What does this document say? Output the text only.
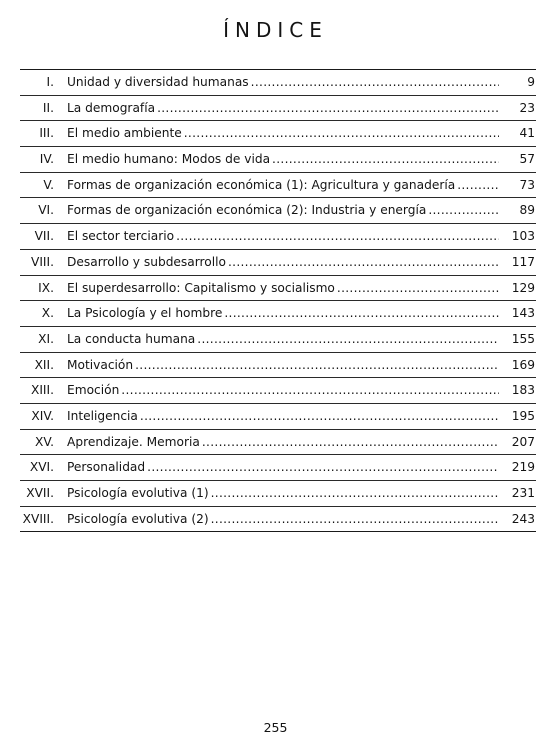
ÍNDICE
I.	Unidad y diversidad humanas .....	9
II.	La demografía .....	23
III.	El medio ambiente .....	41
IV.	El medio humano: Modos de vida .....	57
V.	Formas de organización económica (1): Agricultura y ganadería .....	73
VI.	Formas de organización económica (2): Industria y energía .....	89
VII.	El sector terciario .....	103
VIII.	Desarrollo y subdesarrollo .....	117
IX.	El superdesarrollo: Capitalismo y socialismo .....	129
X.	La Psicología y el hombre .....	143
XI.	La conducta humana .....	155
XII.	Motivación .....	169
XIII.	Emoción .....	183
XIV.	Inteligencia .....	195
XV.	Aprendizaje. Memoria .....	207
XVI.	Personalidad .....	219
XVII.	Psicología evolutiva (1) .....	231
XVIII.	Psicología evolutiva (2) .....	243
255
